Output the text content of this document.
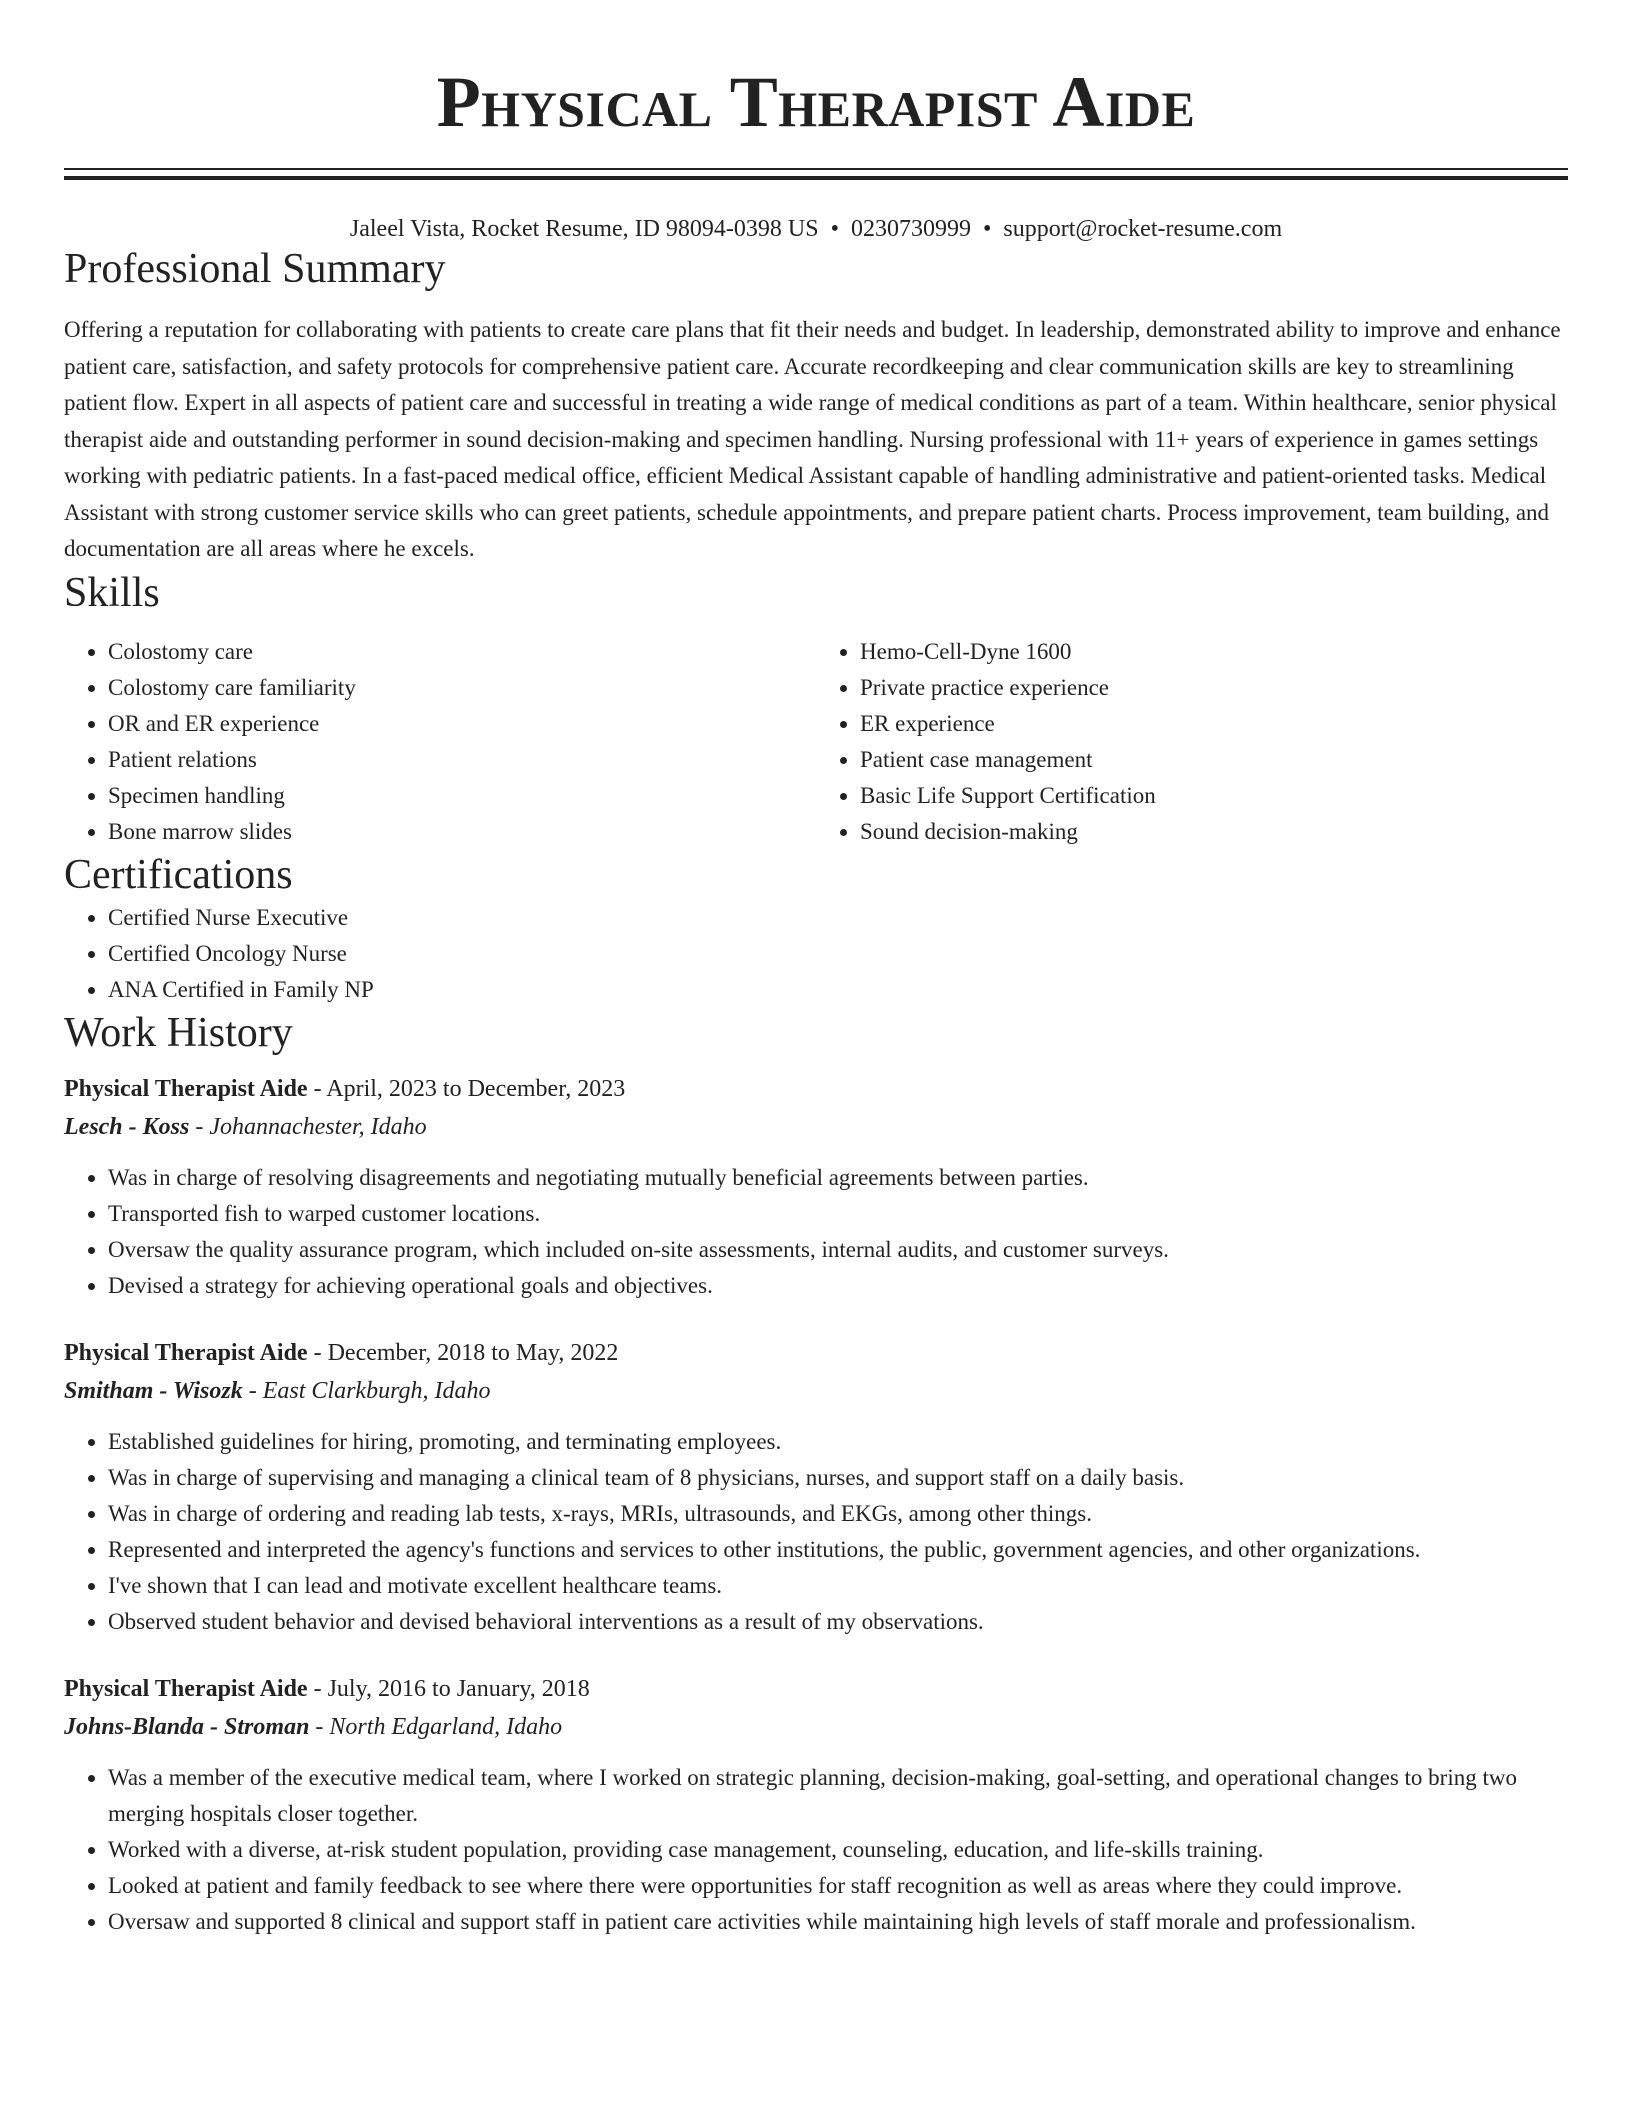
Physical Therapist Aide
Jaleel Vista, Rocket Resume, ID 98094-0398 US • 0230730999 • support@rocket-resume.com
Professional Summary

Offering a reputation for collaborating with patients to create care plans that fit their needs and budget. In leadership, demonstrated ability to improve and enhance patient care, satisfaction, and safety protocols for comprehensive patient care. Accurate recordkeeping and clear communication skills are key to streamlining patient flow. Expert in all aspects of patient care and successful in treating a wide range of medical conditions as part of a team. Within healthcare, senior physical therapist aide and outstanding performer in sound decision-making and specimen handling. Nursing professional with 11+ years of experience in games settings working with pediatric patients. In a fast-paced medical office, efficient Medical Assistant capable of handling administrative and patient-oriented tasks. Medical Assistant with strong customer service skills who can greet patients, schedule appointments, and prepare patient charts. Process improvement, team building, and documentation are all areas where he excels.

Skills
• Colostomy care
• Colostomy care familiarity
• OR and ER experience
• Patient relations
• Specimen handling
• Bone marrow slides
• Hemo-Cell-Dyne 1600
• Private practice experience
• ER experience
• Patient case management
• Basic Life Support Certification
• Sound decision-making
Certifications
• Certified Nurse Executive
• Certified Oncology Nurse
• ANA Certified in Family NP
Work History
Physical Therapist Aide - April, 2023 to December, 2023
Lesch - Koss - Johannachester, Idaho
• Was in charge of resolving disagreements and negotiating mutually beneficial agreements between parties.
• Transported fish to warped customer locations.
• Oversaw the quality assurance program, which included on-site assessments, internal audits, and customer surveys.
• Devised a strategy for achieving operational goals and objectives.
Physical Therapist Aide - December, 2018 to May, 2022
Smitham - Wisozk - East Clarkburgh, Idaho
• Established guidelines for hiring, promoting, and terminating employees.
• Was in charge of supervising and managing a clinical team of 8 physicians, nurses, and support staff on a daily basis.
• Was in charge of ordering and reading lab tests, x-rays, MRIs, ultrasounds, and EKGs, among other things.
• Represented and interpreted the agency's functions and services to other institutions, the public, government agencies, and other organizations.
• I've shown that I can lead and motivate excellent healthcare teams.
• Observed student behavior and devised behavioral interventions as a result of my observations.
Physical Therapist Aide - July, 2016 to January, 2018
Johns-Blanda - Stroman - North Edgarland, Idaho
• Was a member of the executive medical team, where I worked on strategic planning, decision-making, goal-setting, and operational changes to bring two merging hospitals closer together.
• Worked with a diverse, at-risk student population, providing case management, counseling, education, and life-skills training.
• Looked at patient and family feedback to see where there were opportunities for staff recognition as well as areas where they could improve.
• Oversaw and supported 8 clinical and support staff in patient care activities while maintaining high levels of staff morale and professionalism.
